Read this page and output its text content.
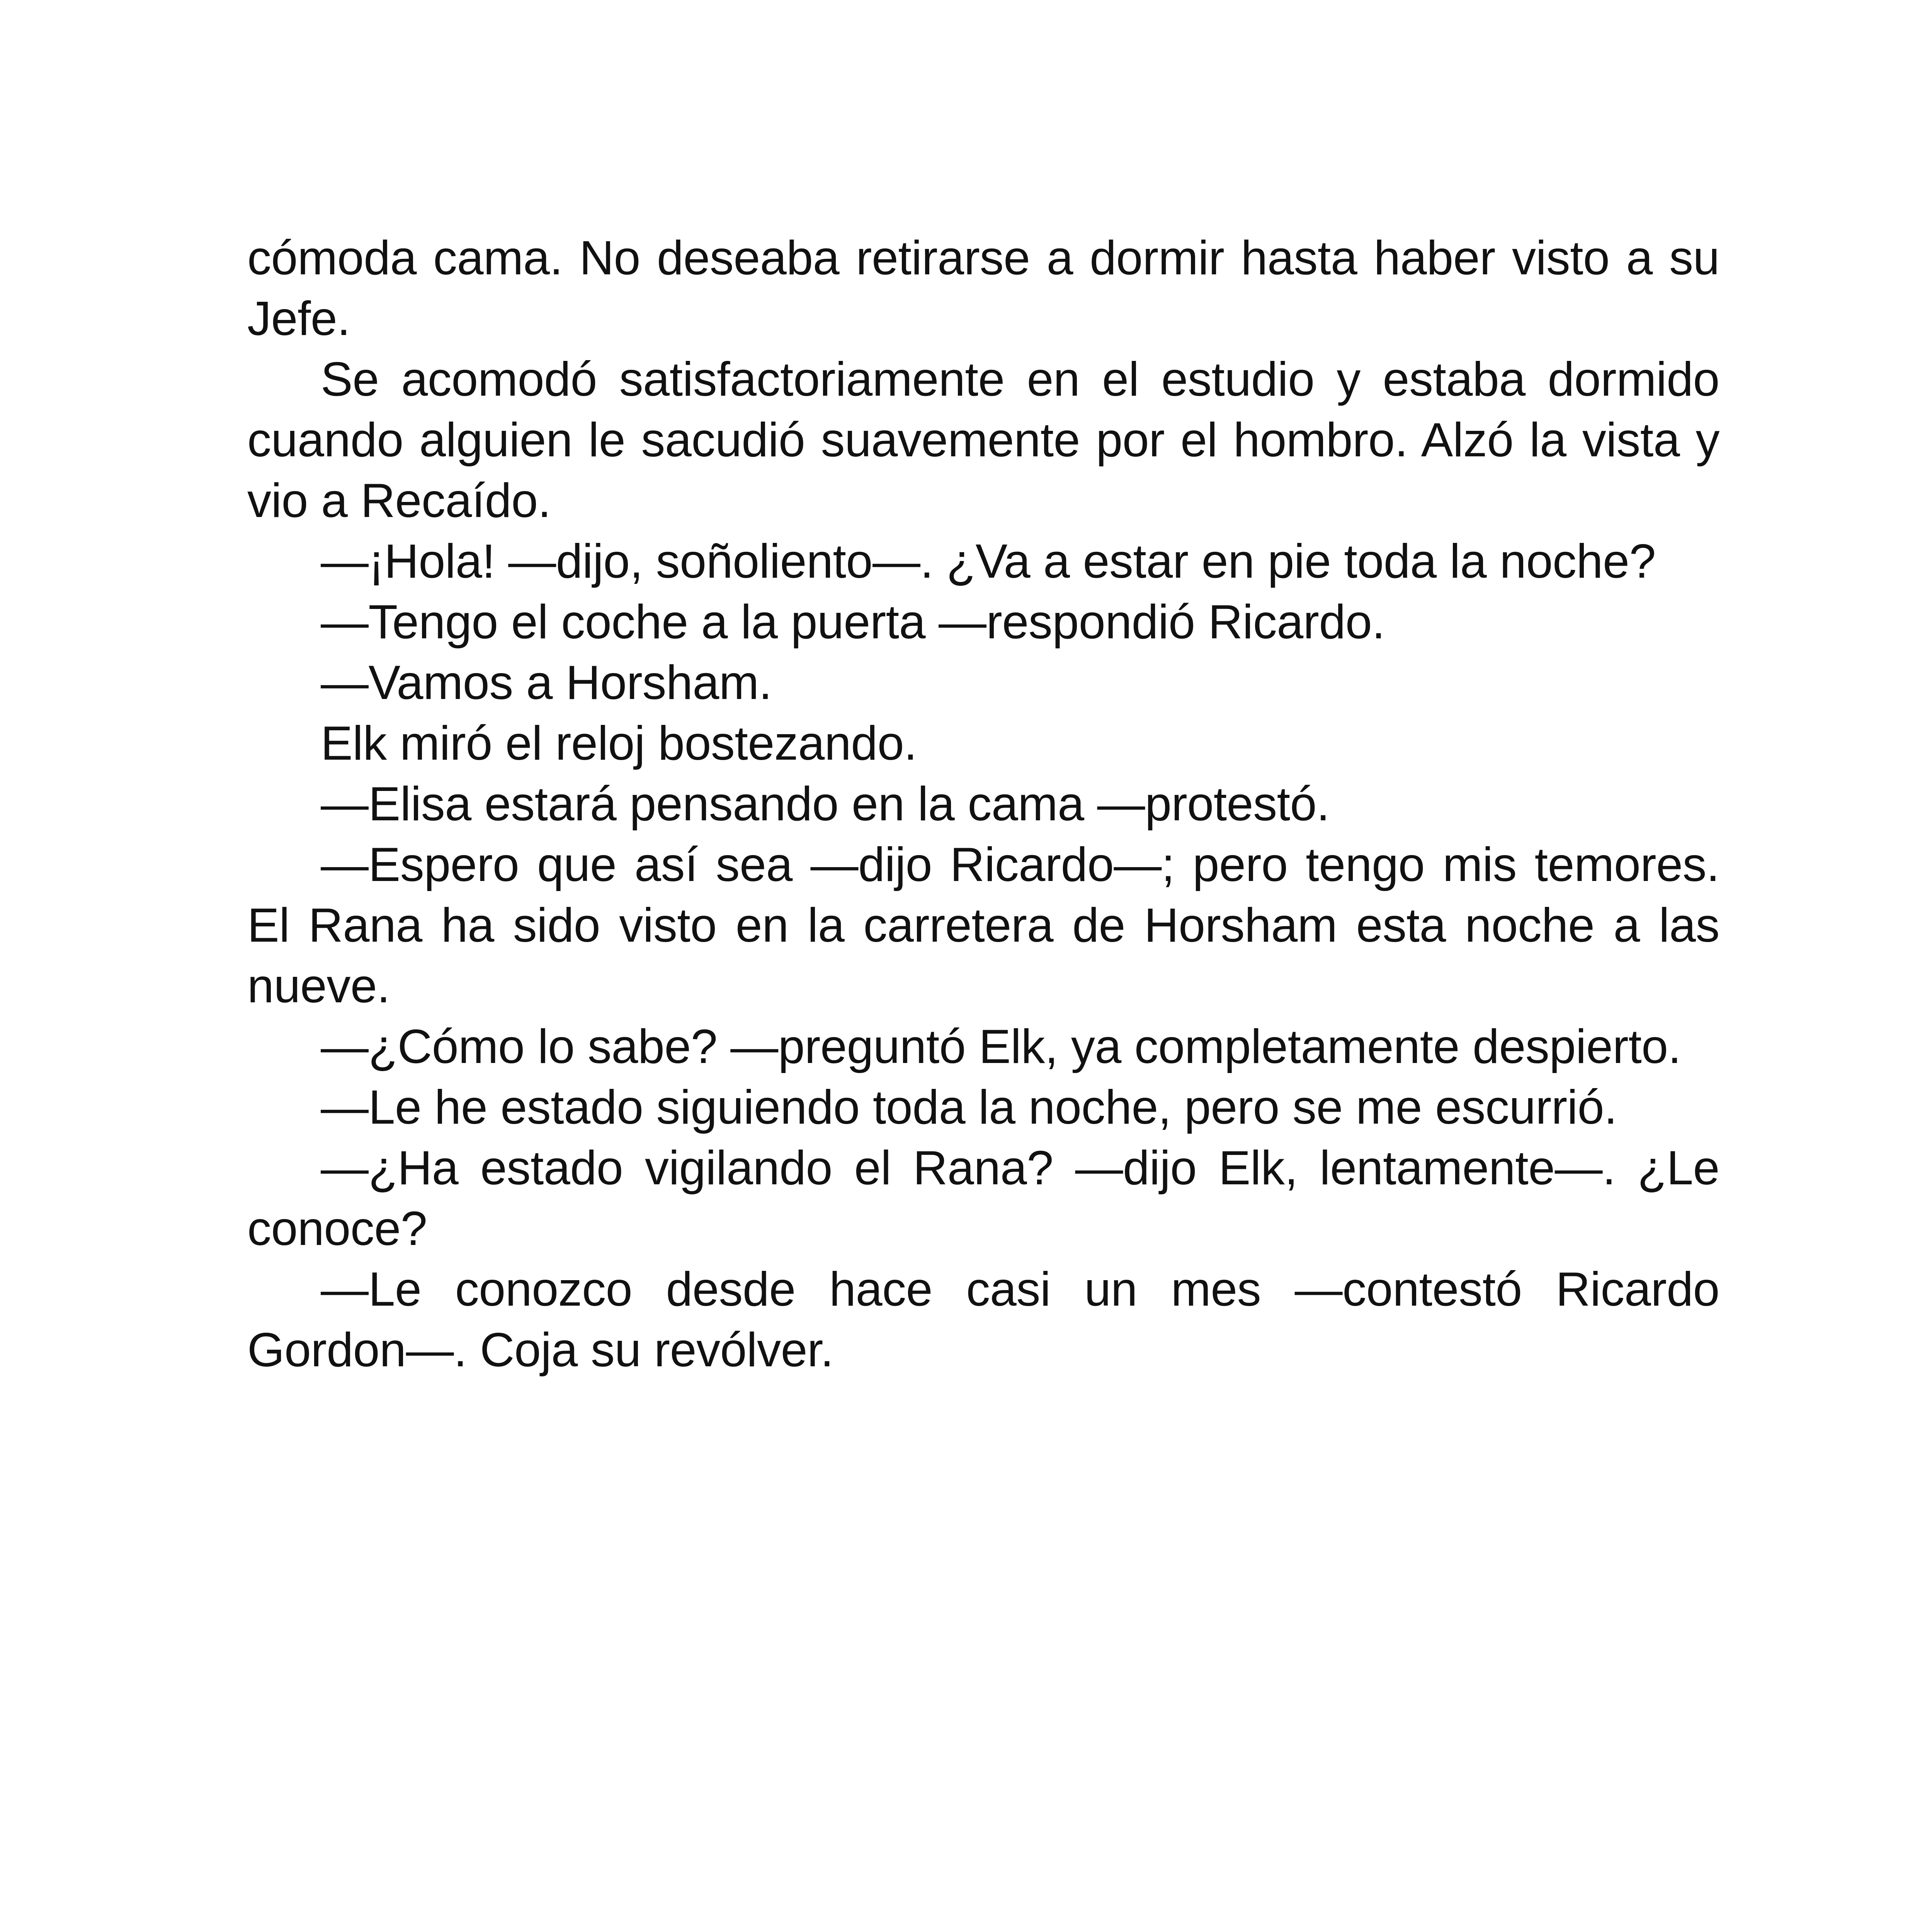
cómoda cama. No deseaba retirarse a dormir hasta haber visto a su Jefe.

Se acomodó satisfactoriamente en el estudio y estaba dormido cuando alguien le sacudió suavemente por el hombro. Alzó la vista y vio a Recaído.

—¡Hola! —dijo, soñoliento—. ¿Va a estar en pie toda la noche?

—Tengo el coche a la puerta —respondió Ricardo.

—Vamos a Horsham.

Elk miró el reloj bostezando.

—Elisa estará pensando en la cama —protestó.

—Espero que así sea —dijo Ricardo—; pero tengo mis temores. El Rana ha sido visto en la carretera de Horsham esta noche a las nueve.

—¿Cómo lo sabe? —preguntó Elk, ya completamente despierto.

—Le he estado siguiendo toda la noche, pero se me escurrió.

—¿Ha estado vigilando el Rana? —dijo Elk, lentamente—. ¿Le conoce?

—Le conozco desde hace casi un mes —contestó Ricardo Gordon—. Coja su revólver.
